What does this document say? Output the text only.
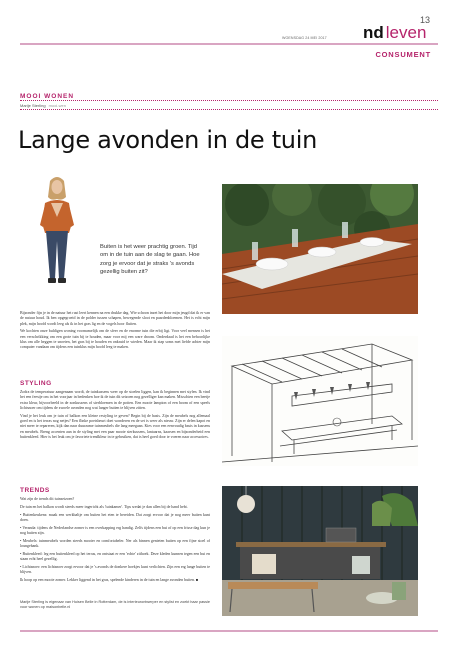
13
WOENSDAG 24 MEI 2017 nd leven
CONSUMENT
MOOI WONEN
Marije Sterling mooi-wen
Lange avonden in de tuin
Buiten is het weer prachtig groen. Tijd om in de tuin aan de slag te gaan. Hoe zorg je ervoor dat je straks 's avonds gezellig buiten zit?

Bijzonder fijn je in de natuur het rust leert kennen na een drukke dag. Wie schoon inzet het door mijn jeugd dat ik er van de natuur houd. Ik ben opgegroeid in de polder tussen schapen, bewegende sloot en paardenbloemen. Het is echt mijn plek, mijn hoofd wordt leeg als ik in het gras lig en de vogels hoor fluiten.

We kochten onze buldigen woning voornamelijk om de sfeer en de enorme tuin die erbij ligt. Voor veel mensen is het een verschrikking om een grote tuin bij te houden, maar voor mij een ware droom. Onderdaad is het een behoorlijke klus om alle heggen te snoeien, het gras bij te houden en onkruid te wieden. Maar ik stap soms met liefde achter mijn computer vandaan om tijdens een tuinklus mijn hoofd leeg te maken.

STYLING

Zodra de temperatuur aangenaam wordt, de tuinkussens weer op de stoelen liggen, kan ik beginnen met stylen. Ik vind het een feestje om in het voorjaar in bedenken hoe ik de tuin dit seizoen nog gezelliger kan maken. Misschien een beetje extra kleur, bijvoorbeeld in de zonkussens of sierbloemen in de potten. Een mooie lampion of een boom of een speels lichtsnoer om tijdens de zwoele avonden nog wat langer buiten te blijven zitten.

Vind je het leuk om je tuin of balkon een kleine restyling te geven? Begin bij de basis. Zijn de meubels nog allemaal goed en is het terras nog netjes? Een flinke poetsbeurt doet wonderen en de set is weer als nieuw. Zijn er delen kapot en niet meer te repareren, kijk dan naar duurzame tuinmeubels die lang meegaan. Kies voor een eenvoudig basis in kussens en meubels. Breng accenten aan in de styling met een paar mooie sierkussens, lantaarns, kaarsen en bijzonderheid een buitenkleed. Hier is het leuk om je favoriete trendkleur in te gebruiken, dat is heel goed door te voeren naar accessoires.

TRENDS

Wat zijn de trends dit tuinseizoen?

De tuin en het balkon wordt steeds meer ingericht als 'tuinkamer'. Tips sredat je dan allen bij de hand hebt.

• Buitenkeukens: maak een werkbaltje om buiten het eten te bereiden. Dat zorgt ervoor dat je nog meer buiten kunt doen.

• Veranda: tijdens de Nederlandse zomer is een overkapping erg handig. Zelfs tijdens een bui of op een frisse dag kun je nog buiten zijn.

• Meubels: tuinmeubels worden steeds mooier en comfortabeler. Ner als binnen genieten buiten op een fijne stoel of loungebank.

• Buitenkleed: leg een buitenkleed op het terras, en ontstaat er een 'echte' zithoek. Deze kleden kunnen tegen een bui en staan echt heel gezellig.

• Lichtsnoer: een lichtsnoer zorgt ervoor dat je 's avonds de donkere hoekjes kunt verlichten. Zijn een erg lange buiten te blijven.

Ik hoop op een mooie zomer. Lekker liggend in het gras, spelende kinderen in de tuin en lange avonden buiten. ■

Marije Sterling is eigenaar van Huisen Belle in Rotterdam, de is interieurontwerper en stylist en zoekt haar passie voor wonen op maisonbelle.nl
